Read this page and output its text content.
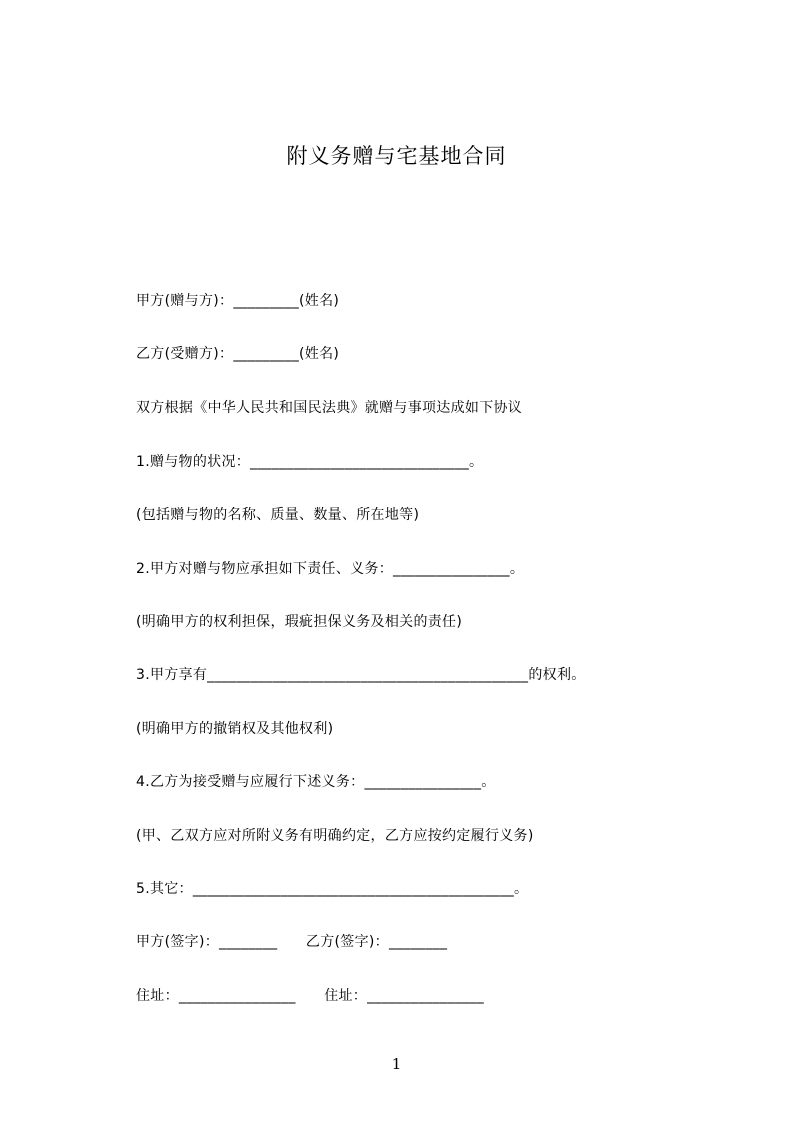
附义务赠与宅基地合同
甲方(赠与方)：_________(姓名)
乙方(受赠方)：_________(姓名)
双方根据《中华人民共和国民法典》就赠与事项达成如下协议
1.赠与物的状况：______________________________。
(包括赠与物的名称、质量、数量、所在地等)
2.甲方对赠与物应承担如下责任、义务：________________。
(明确甲方的权利担保，瑕疵担保义务及相关的责任)
3.甲方享有____________________________________________的权利。
(明确甲方的撤销权及其他权利)
4.乙方为接受赠与应履行下述义务：________________。
(甲、乙双方应对所附义务有明确约定，乙方应按约定履行义务)
5.其它：____________________________________________。
甲方(签字)：________      乙方(签字)：________
住址：________________      住址：________________
1
